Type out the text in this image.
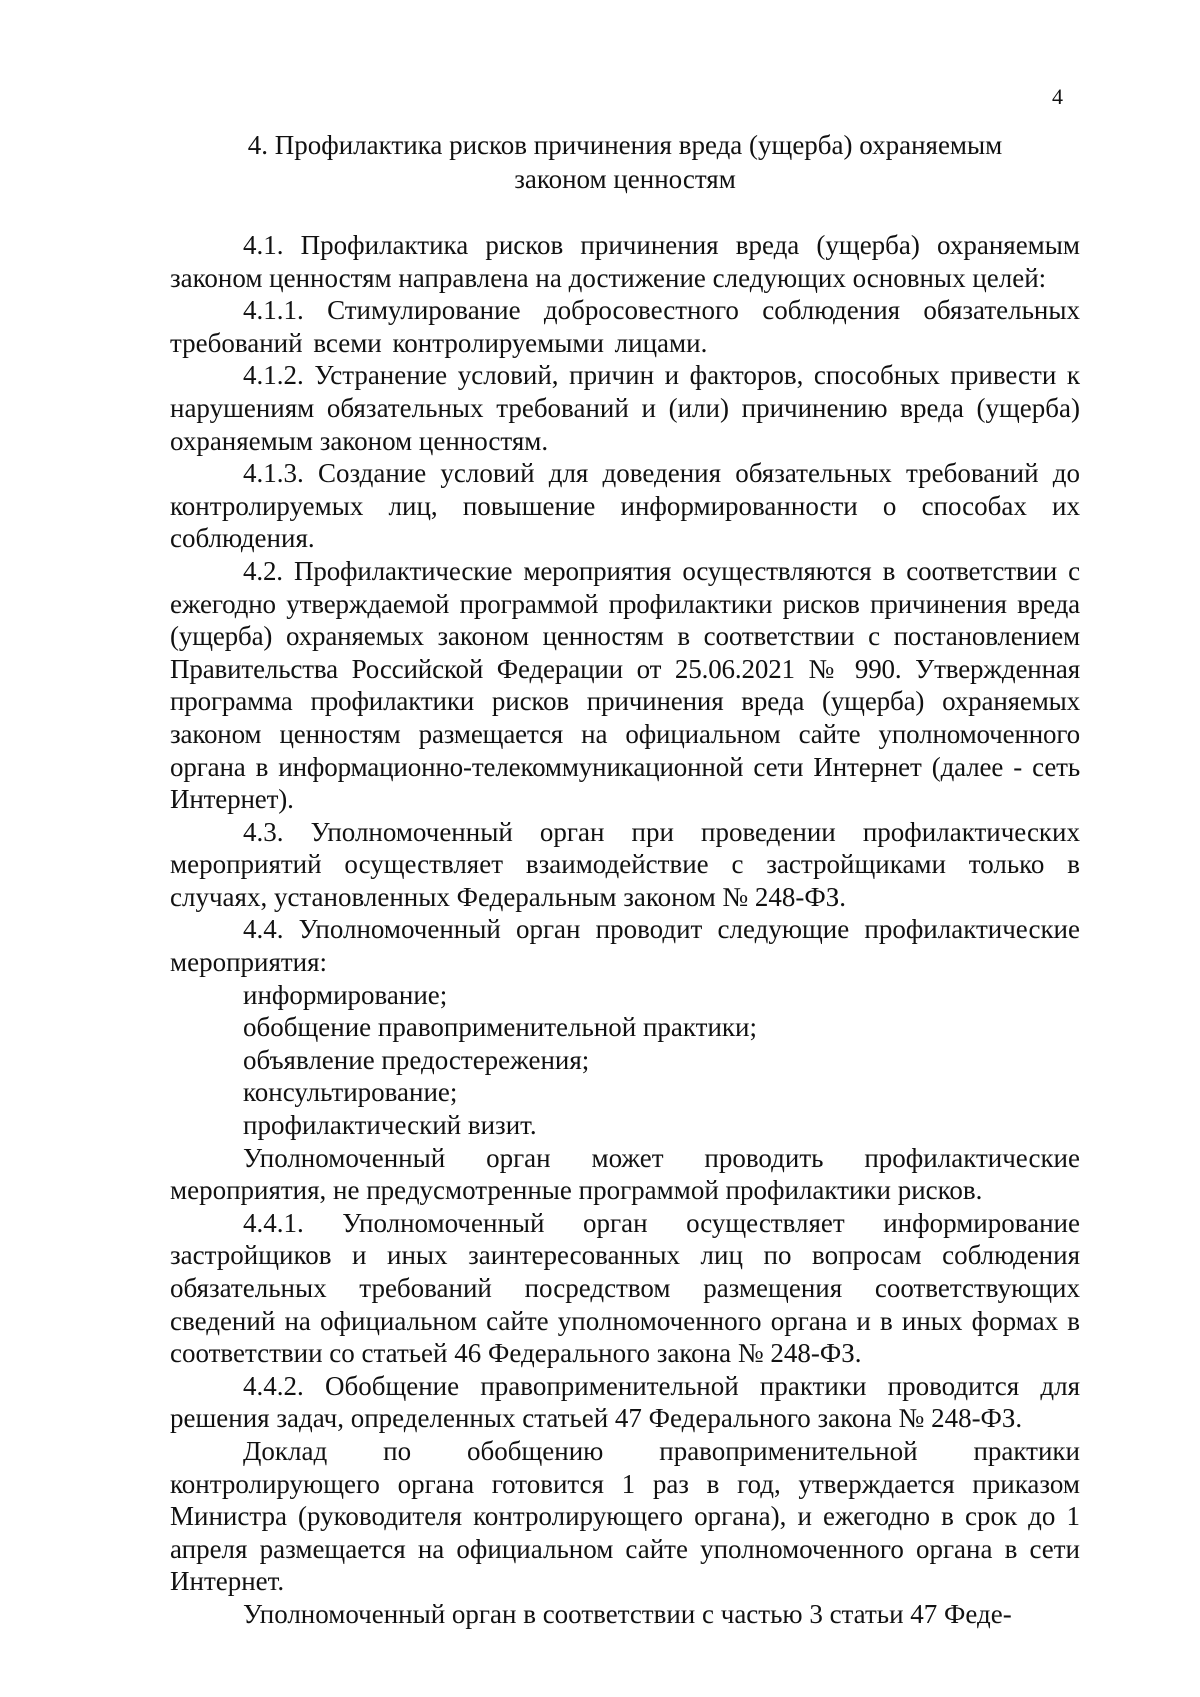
4
4. Профилактика рисков причинения вреда (ущерба) охраняемым
законом ценностям

4.1. Профилактика рисков причинения вреда (ущерба) охраняемым законом ценностям направлена на достижение следующих основных целей:

4.1.1. Стимулирование добросовестного соблюдения обязательных требований всеми контролируемыми лицами.

4.1.2. Устранение условий, причин и факторов, способных привести к нарушениям обязательных требований и (или) причинению вреда (ущерба) охраняемым законом ценностям.

4.1.3. Создание условий для доведения обязательных требований до контролируемых лиц, повышение информированности о способах их соблюдения.

4.2. Профилактические мероприятия осуществляются в соответствии с ежегодно утверждаемой программой профилактики рисков причинения вреда (ущерба) охраняемых законом ценностям в соответствии с постановлением Правительства Российской Федерации от 25.06.2021 № 990. Утвержденная программа профилактики рисков причинения вреда (ущерба) охраняемых законом ценностям размещается на официальном сайте уполномоченного органа в информационно-телекоммуникационной сети Интернет (далее - сеть Интернет).

4.3. Уполномоченный орган при проведении профилактических мероприятий осуществляет взаимодействие с застройщиками только в случаях, установленных Федеральным законом № 248-ФЗ.

4.4. Уполномоченный орган проводит следующие профилактические мероприятия:

информирование;
обобщение правоприменительной практики;
объявление предостережения;
консультирование;
профилактический визит.

Уполномоченный орган может проводить профилактические мероприятия, не предусмотренные программой профилактики рисков.

4.4.1. Уполномоченный орган осуществляет информирование застройщиков и иных заинтересованных лиц по вопросам соблюдения обязательных требований посредством размещения соответствующих сведений на официальном сайте уполномоченного органа и в иных формах в соответствии со статьей 46 Федерального закона № 248-ФЗ.

4.4.2. Обобщение правоприменительной практики проводится для решения задач, определенных статьей 47 Федерального закона № 248-ФЗ.

Доклад по обобщению правоприменительной практики контролирующего органа готовится 1 раз в год, утверждается приказом Министра (руководителя контролирующего органа), и ежегодно в срок до 1 апреля размещается на официальном сайте уполномоченного органа в сети Интернет.

Уполномоченный орган в соответствии с частью 3 статьи 47 Феде-
